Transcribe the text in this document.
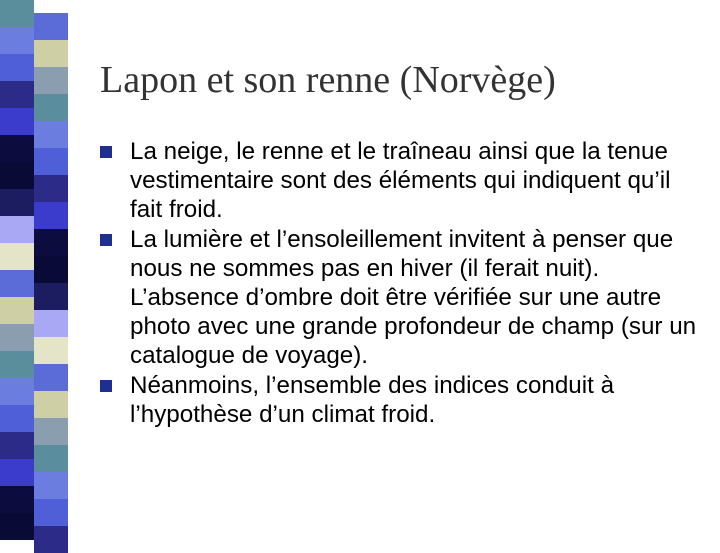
Lapon et son renne (Norvège)
La neige, le renne et le traîneau ainsi que la tenue vestimentaire sont des éléments qui indiquent qu’il fait froid.
La lumière et l’ensoleillement invitent à penser que nous ne sommes pas en hiver (il ferait nuit). L’absence d’ombre doit être vérifiée sur une autre photo avec une grande profondeur de champ (sur un catalogue de voyage).
Néanmoins, l’ensemble des indices conduit à l’hypothèse d’un climat froid.
